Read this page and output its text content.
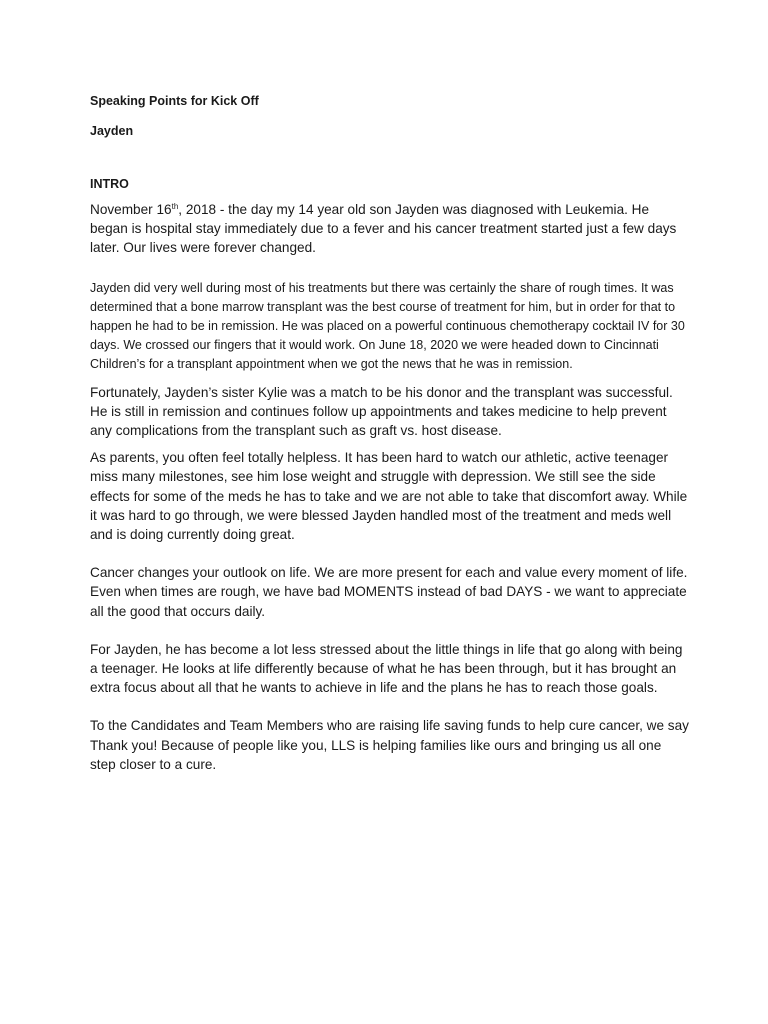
Speaking Points for Kick Off

Jayden

INTRO

November 16th, 2018 - the day my 14 year old son Jayden was diagnosed with Leukemia. He began is hospital stay immediately due to a fever and his cancer treatment started just a few days later. Our lives were forever changed.

Jayden did very well during most of his treatments but there was certainly the share of rough times. It was determined that a bone marrow transplant was the best course of treatment for him, but in order for that to happen he had to be in remission. He was placed on a powerful continuous chemotherapy cocktail IV for 30 days. We crossed our fingers that it would work. On June 18, 2020 we were headed down to Cincinnati Children’s for a transplant appointment when we got the news that he was in remission.

Fortunately, Jayden’s sister Kylie was a match to be his donor and the transplant was successful. He is still in remission and continues follow up appointments and takes medicine to help prevent any complications from the transplant such as graft vs. host disease.

As parents, you often feel totally helpless. It has been hard to watch our athletic, active teenager miss many milestones, see him lose weight and struggle with depression. We still see the side effects for some of the meds he has to take and we are not able to take that discomfort away. While it was hard to go through, we were blessed Jayden handled most of the treatment and meds well and is doing currently doing great.

Cancer changes your outlook on life. We are more present for each and value every moment of life. Even when times are rough, we have bad MOMENTS instead of bad DAYS - we want to appreciate all the good that occurs daily.

For Jayden, he has become a lot less stressed about the little things in life that go along with being a teenager. He looks at life differently because of what he has been through, but it has brought an extra focus about all that he wants to achieve in life and the plans he has to reach those goals.

To the Candidates and Team Members who are raising life saving funds to help cure cancer, we say Thank you! Because of people like you, LLS is helping families like ours and bringing us all one step closer to a cure.
